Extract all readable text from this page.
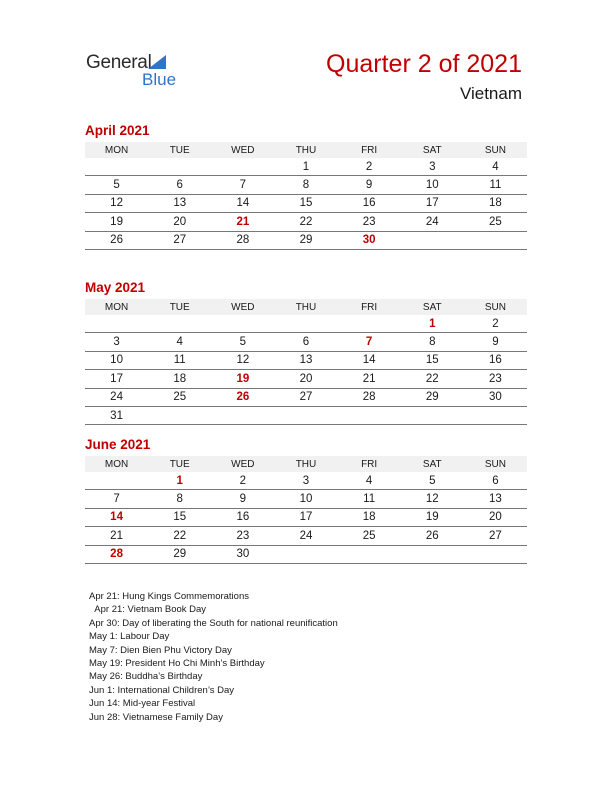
General
Blue
Quarter 2 of 2021
Vietnam
April 2021
MON	TUE	WED	THU	FRI	SAT	SUN
			1	2	3	4
5	6	7	8	9	10	11
12	13	14	15	16	17	18
19	20	21	22	23	24	25
26	27	28	29	30		
May 2021
MON	TUE	WED	THU	FRI	SAT	SUN
					1	2
3	4	5	6	7	8	9
10	11	12	13	14	15	16
17	18	19	20	21	22	23
24	25	26	27	28	29	30
31						
June 2021
MON	TUE	WED	THU	FRI	SAT	SUN
	1	2	3	4	5	6
7	8	9	10	11	12	13
14	15	16	17	18	19	20
21	22	23	24	25	26	27
28	29	30				
Apr 21: Hung Kings Commemorations
Apr 21: Vietnam Book Day
Apr 30: Day of liberating the South for national reunification
May 1: Labour Day
May 7: Dien Bien Phu Victory Day
May 19: President Ho Chi Minh’s Birthday
May 26: Buddha’s Birthday
Jun 1: International Children’s Day
Jun 14: Mid-year Festival
Jun 28: Vietnamese Family Day
